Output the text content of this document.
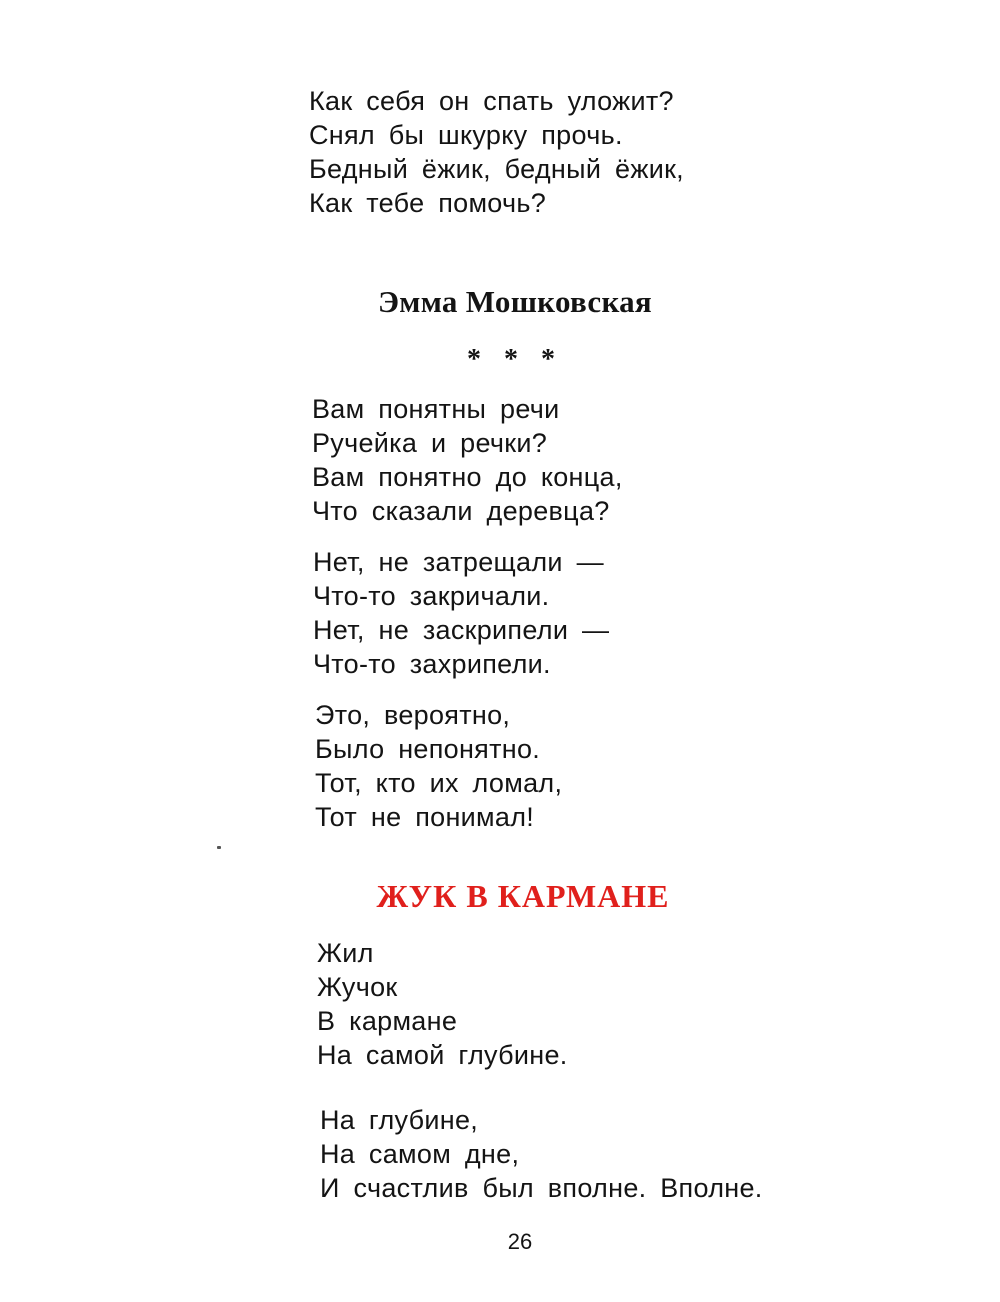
Как себя он спать уложит?
Снял бы шкурку прочь.
Бедный ёжик, бедный ёжик,
Как тебе помочь?
Эмма Мошковская
* * *
Вам понятны речи
Ручейка и речки?
Вам понятно до конца,
Что сказали деревца?
Нет, не затрещали —
Что-то закричали.
Нет, не заскрипели —
Что-то захрипели.
Это, вероятно,
Было непонятно.
Тот, кто их ломал,
Тот не понимал!
ЖУК В КАРМАНЕ
Жил
Жучок
В кармане
На самой глубине.
На глубине,
На самом дне,
И счастлив был вполне. Вполне.
26
